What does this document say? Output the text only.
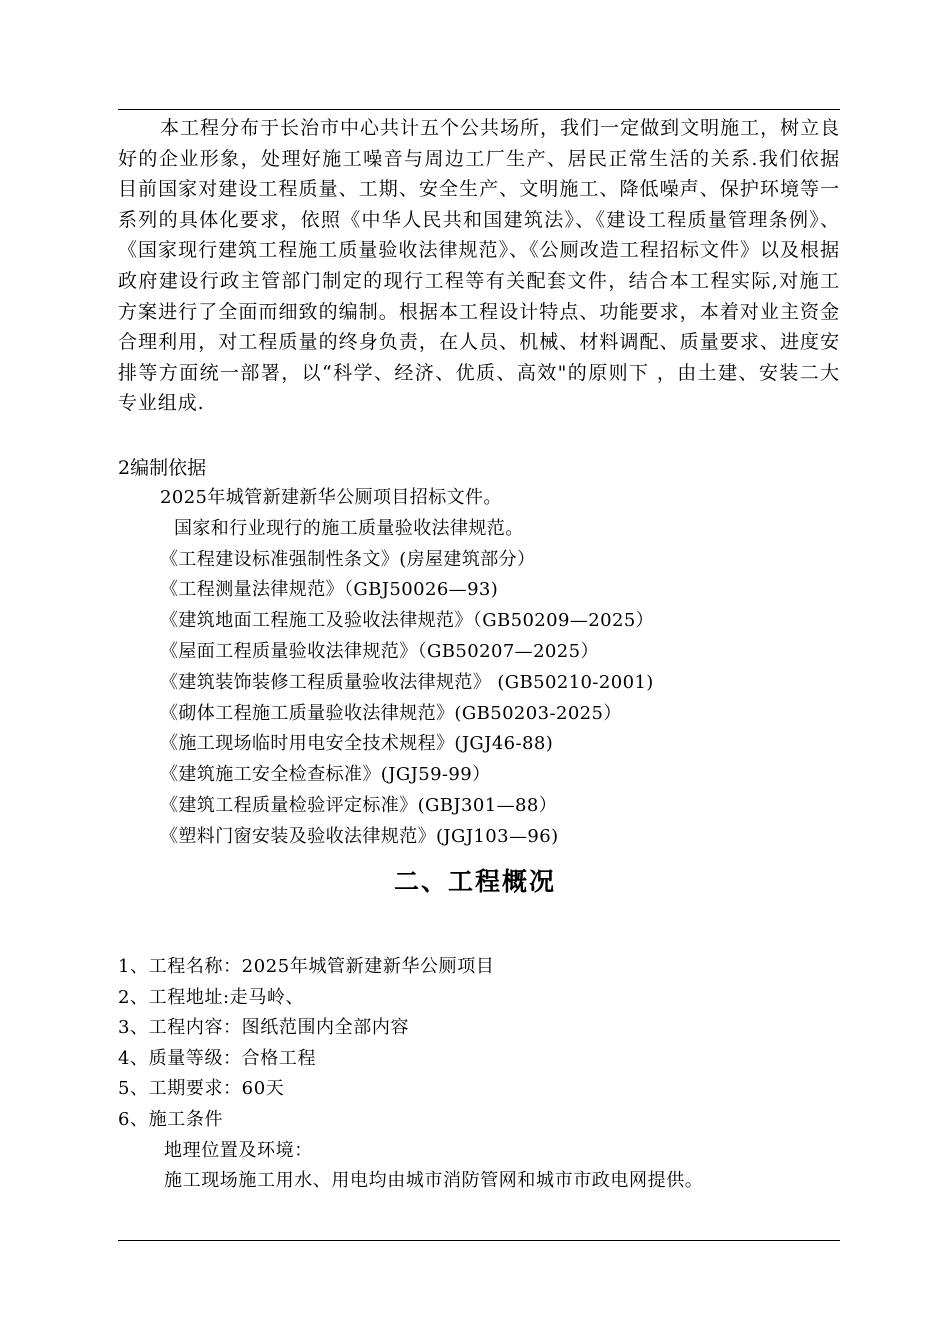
本工程分布于长治市中心共计五个公共场所，我们一定做到文明施工，树立良好的企业形象，处理好施工噪音与周边工厂生产、居民正常生活的关系.我们依据目前国家对建设工程质量、工期、安全生产、文明施工、降低噪声、保护环境等一系列的具体化要求，依照《中华人民共和国建筑法》、《建设工程质量管理条例》、《国家现行建筑工程施工质量验收法律规范》、《公厕改造工程招标文件》以及根据政府建设行政主管部门制定的现行工程等有关配套文件，结合本工程实际,对施工方案进行了全面而细致的编制。根据本工程设计特点、功能要求，本着对业主资金合理利用，对工程质量的终身负责，在人员、机械、材料调配、质量要求、进度安排等方面统一部署，以“科学、经济、优质、高效"的原则下 ，由土建、安装二大专业组成.

2编制依据

2025年城管新建新华公厕项目招标文件。
国家和行业现行的施工质量验收法律规范。
《工程建设标准强制性条文》(房屋建筑部分）
《工程测量法律规范》（GBJ50026—93)
《建筑地面工程施工及验收法律规范》（GB50209—2025）
《屋面工程质量验收法律规范》（GB50207—2025）
《建筑装饰装修工程质量验收法律规范》 (GB50210-2001)
《砌体工程施工质量验收法律规范》(GB50203-2025）
《施工现场临时用电安全技术规程》(JGJ46-88)
《建筑施工安全检查标准》(JGJ59-99）
《建筑工程质量检验评定标准》(GBJ301—88）
《塑料门窗安装及验收法律规范》(JGJ103—96)
二、工程概况
1、工程名称：2025年城管新建新华公厕项目
2、工程地址:走马岭、
3、工程内容：图纸范围内全部内容
4、质量等级：合格工程
5、工期要求：60天
6、施工条件
地理位置及环境：
施工现场施工用水、用电均由城市消防管网和城市市政电网提供。
